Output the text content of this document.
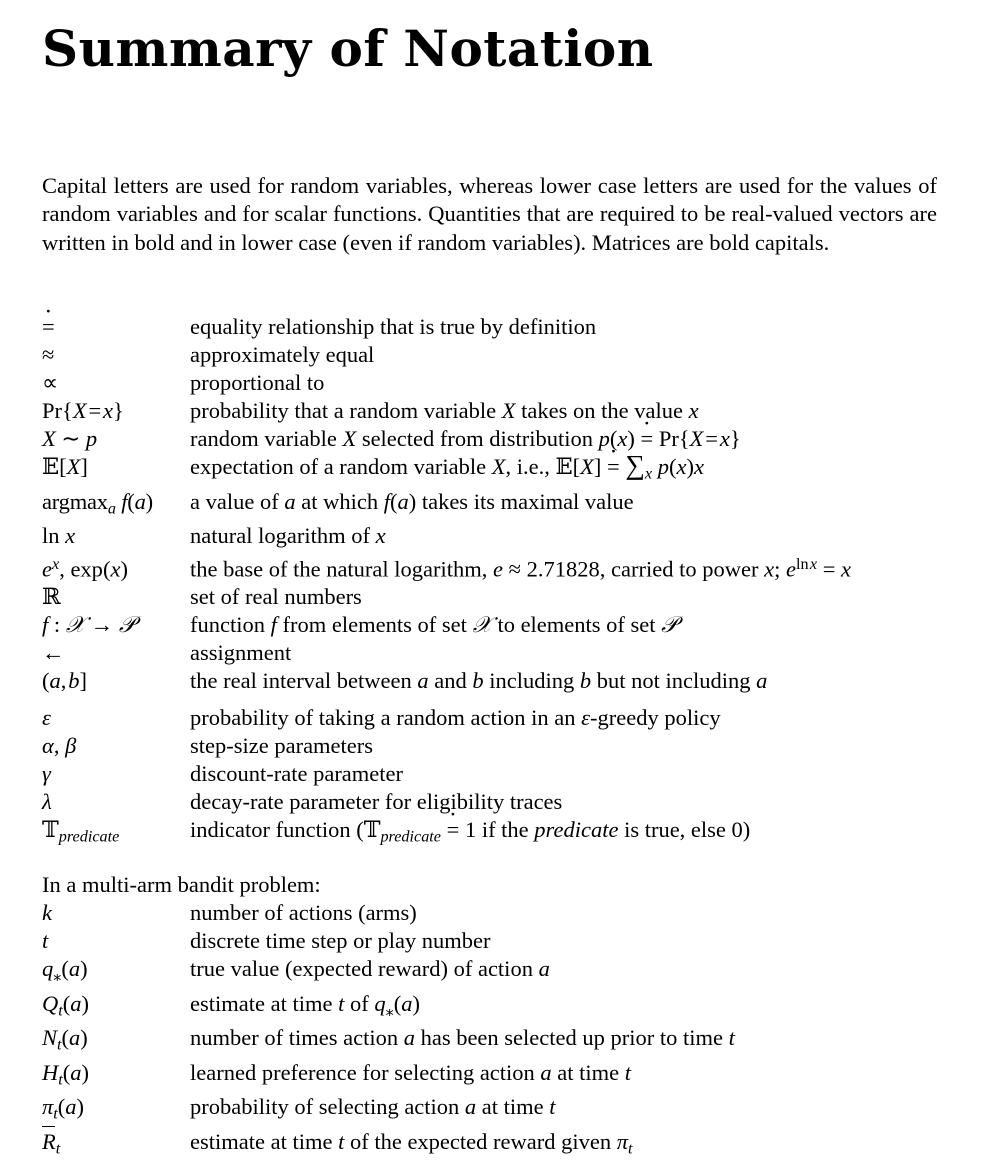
Summary of Notation
Capital letters are used for random variables, whereas lower case letters are used for the values of random variables and for scalar functions. Quantities that are required to be real-valued vectors are written in bold and in lower case (even if random variables). Matrices are bold capitals.
· =	equality relationship that is true by definition
≈	approximately equal
∝	proportional to
Pr{X = x}	probability that a random variable X takes on the value x
X ∼ p	random variable X selected from distribution p(x) · = Pr{X = x}
𝔼[X]	expectation of a random variable X, i.e., 𝔼[X] · = $\sum_x$ p(x)x
argmax$_a$ f(a)	a value of a at which f(a) takes its maximal value
ln x	natural logarithm of x
$e^x$, exp(x)	the base of the natural logarithm, e ≈ 2.71828, carried to power x; $e^{ln x} = x$
ℝ	set of real numbers
f : 𝒳 → 𝒫	function f from elements of set 𝒳 to elements of set 𝒫
←	assignment
(a, b]	the real interval between a and b including b but not including a
ε	probability of taking a random action in an ε-greedy policy
α, β	step-size parameters
γ	discount-rate parameter
λ	decay-rate parameter for eligibility traces
𝕋$_{predicate}$	indicator function (𝕋$_{predicate}$ · = 1 if the predicate is true, else 0)
In a multi-arm bandit problem:
k	number of actions (arms)
t	discrete time step or play number
$q_⁎(a)$	true value (expected reward) of action a
$Q_t(a)$	estimate at time t of $q_⁎(a)$
$N_t(a)$	number of times action a has been selected up prior to time t
$H_t(a)$	learned preference for selecting action a at time t
$\pi_t(a)$	probability of selecting action a at time t
$R_t$	estimate at time t of the expected reward given $\pi_t$
